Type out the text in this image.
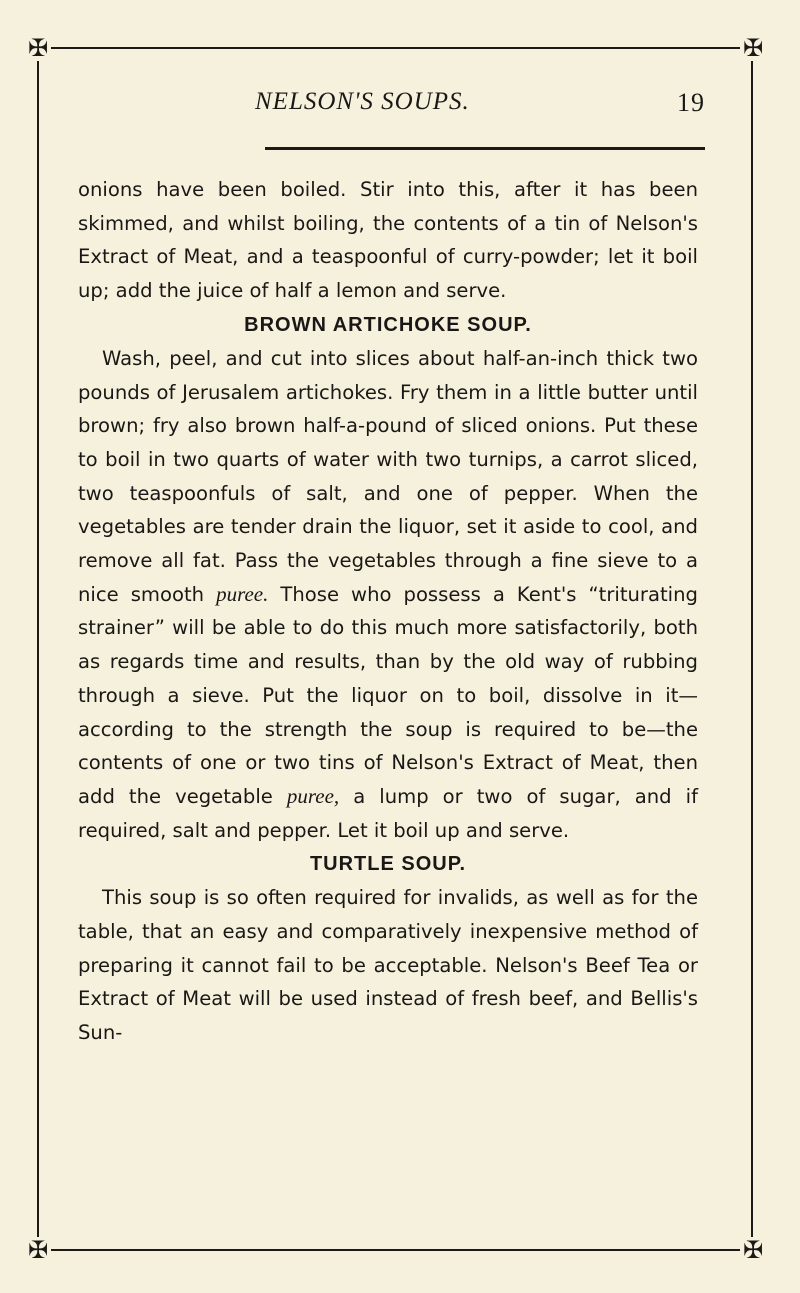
✠	✠
✠	✠
NELSON'S SOUPS.	19

onions have been boiled. Stir into this, after it has been skimmed, and whilst boiling, the contents of a tin of Nelson's Extract of Meat, and a teaspoonful of curry-powder; let it boil up; add the juice of half a lemon and serve.

BROWN ARTICHOKE SOUP.

Wash, peel, and cut into slices about half-an-inch thick two pounds of Jerusalem artichokes. Fry them in a little butter until brown; fry also brown half-a-pound of sliced onions. Put these to boil in two quarts of water with two turnips, a carrot sliced, two teaspoonfuls of salt, and one of pepper. When the vegetables are tender drain the liquor, set it aside to cool, and remove all fat. Pass the vegetables through a fine sieve to a nice smooth puree. Those who possess a Kent's “triturating strainer” will be able to do this much more satisfactorily, both as regards time and results, than by the old way of rubbing through a sieve. Put the liquor on to boil, dissolve in it—according to the strength the soup is required to be—the contents of one or two tins of Nelson's Extract of Meat, then add the vegetable puree, a lump or two of sugar, and if required, salt and pepper. Let it boil up and serve.

TURTLE SOUP.

This soup is so often required for invalids, as well as for the table, that an easy and comparatively inexpensive method of preparing it cannot fail to be acceptable. Nelson's Beef Tea or Extract of Meat will be used instead of fresh beef, and Bellis's Sun-
